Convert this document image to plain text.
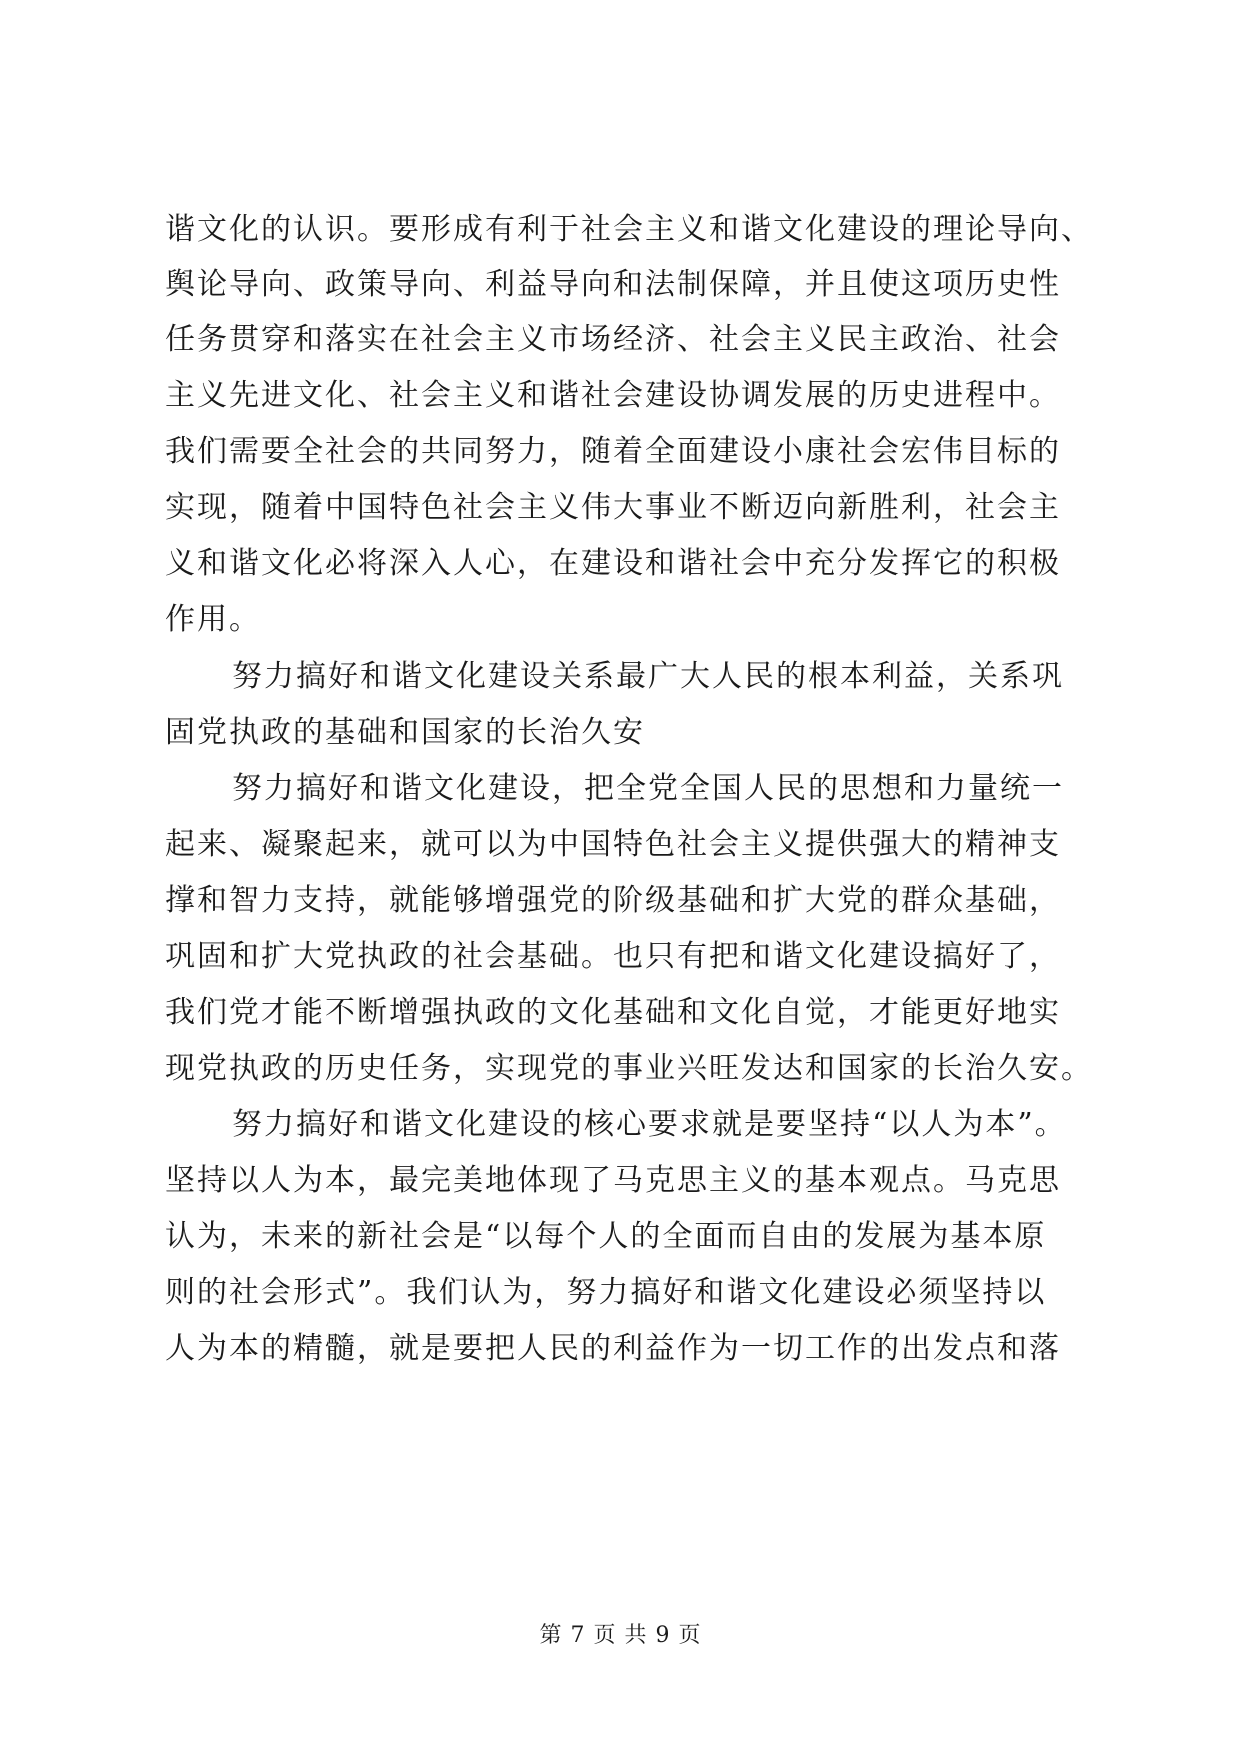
谐文化的认识。要形成有利于社会主义和谐文化建设的理论导向、
舆论导向、政策导向、利益导向和法制保障，并且使这项历史性
任务贯穿和落实在社会主义市场经济、社会主义民主政治、社会
主义先进文化、社会主义和谐社会建设协调发展的历史进程中。
我们需要全社会的共同努力，随着全面建设小康社会宏伟目标的
实现，随着中国特色社会主义伟大事业不断迈向新胜利，社会主
义和谐文化必将深入人心，在建设和谐社会中充分发挥它的积极
作用。
努力搞好和谐文化建设关系最广大人民的根本利益，关系巩
固党执政的基础和国家的长治久安
努力搞好和谐文化建设，把全党全国人民的思想和力量统一
起来、凝聚起来，就可以为中国特色社会主义提供强大的精神支
撑和智力支持，就能够增强党的阶级基础和扩大党的群众基础，
巩固和扩大党执政的社会基础。也只有把和谐文化建设搞好了，
我们党才能不断增强执政的文化基础和文化自觉，才能更好地实
现党执政的历史任务，实现党的事业兴旺发达和国家的长治久安。
努力搞好和谐文化建设的核心要求就是要坚持“以人为本”。
坚持以人为本，最完美地体现了马克思主义的基本观点。马克思
认为，未来的新社会是“以每个人的全面而自由的发展为基本原
则的社会形式”。我们认为，努力搞好和谐文化建设必须坚持以
人为本的精髓，就是要把人民的利益作为一切工作的出发点和落
第 7 页 共 9 页
